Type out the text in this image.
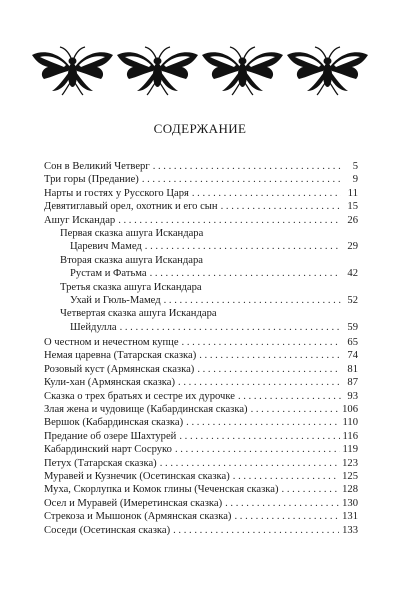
СОДЕРЖАНИЕ
Сон в Великий Четверг . . .	5
Три горы (Предание) . . .	9
Нарты и гостях у Русского Царя . . .	11
Девятиглавый орел, охотник и его сын . . .	15
Ашуг Искандар . . .	26
Первая сказка ашуга Искандара
Царевич Мамед . . .	29
Вторая сказка ашуга Искандара
Рустам и Фатьма . . .	42
Третья сказка ашуга Искандара
Ухай и Гюль-Мамед . . .	52
Четвертая сказка ашуга Искандара
Шейдулла . . .	59
О честном и нечестном купце . . .	65
Немая царевна (Татарская сказка) . . .	74
Розовый куст (Армянская сказка) . . .	81
Кули-хан (Армянская сказка) . . .	87
Сказка о трех братьях и сестре их дурочке . . .	93
Злая жена и чудовище (Кабардинская сказка) . . .	106
Вершок (Кабардинская сказка) . . .	110
Предание об озере Шахтурей . . .	116
Кабардинский нарт Сосруко . . .	119
Петух (Татарская сказка) . . .	123
Муравей и Кузнечик (Осетинская сказка) . . .	125
Муха, Скорлупка и Комок глины (Чеченская сказка) . . .	128
Осел и Муравей (Имеретинская сказка) . . .	130
Стрекоза и Мышонок (Армянская сказка) . . .	131
Соседи (Осетинская сказка) . . .	133
